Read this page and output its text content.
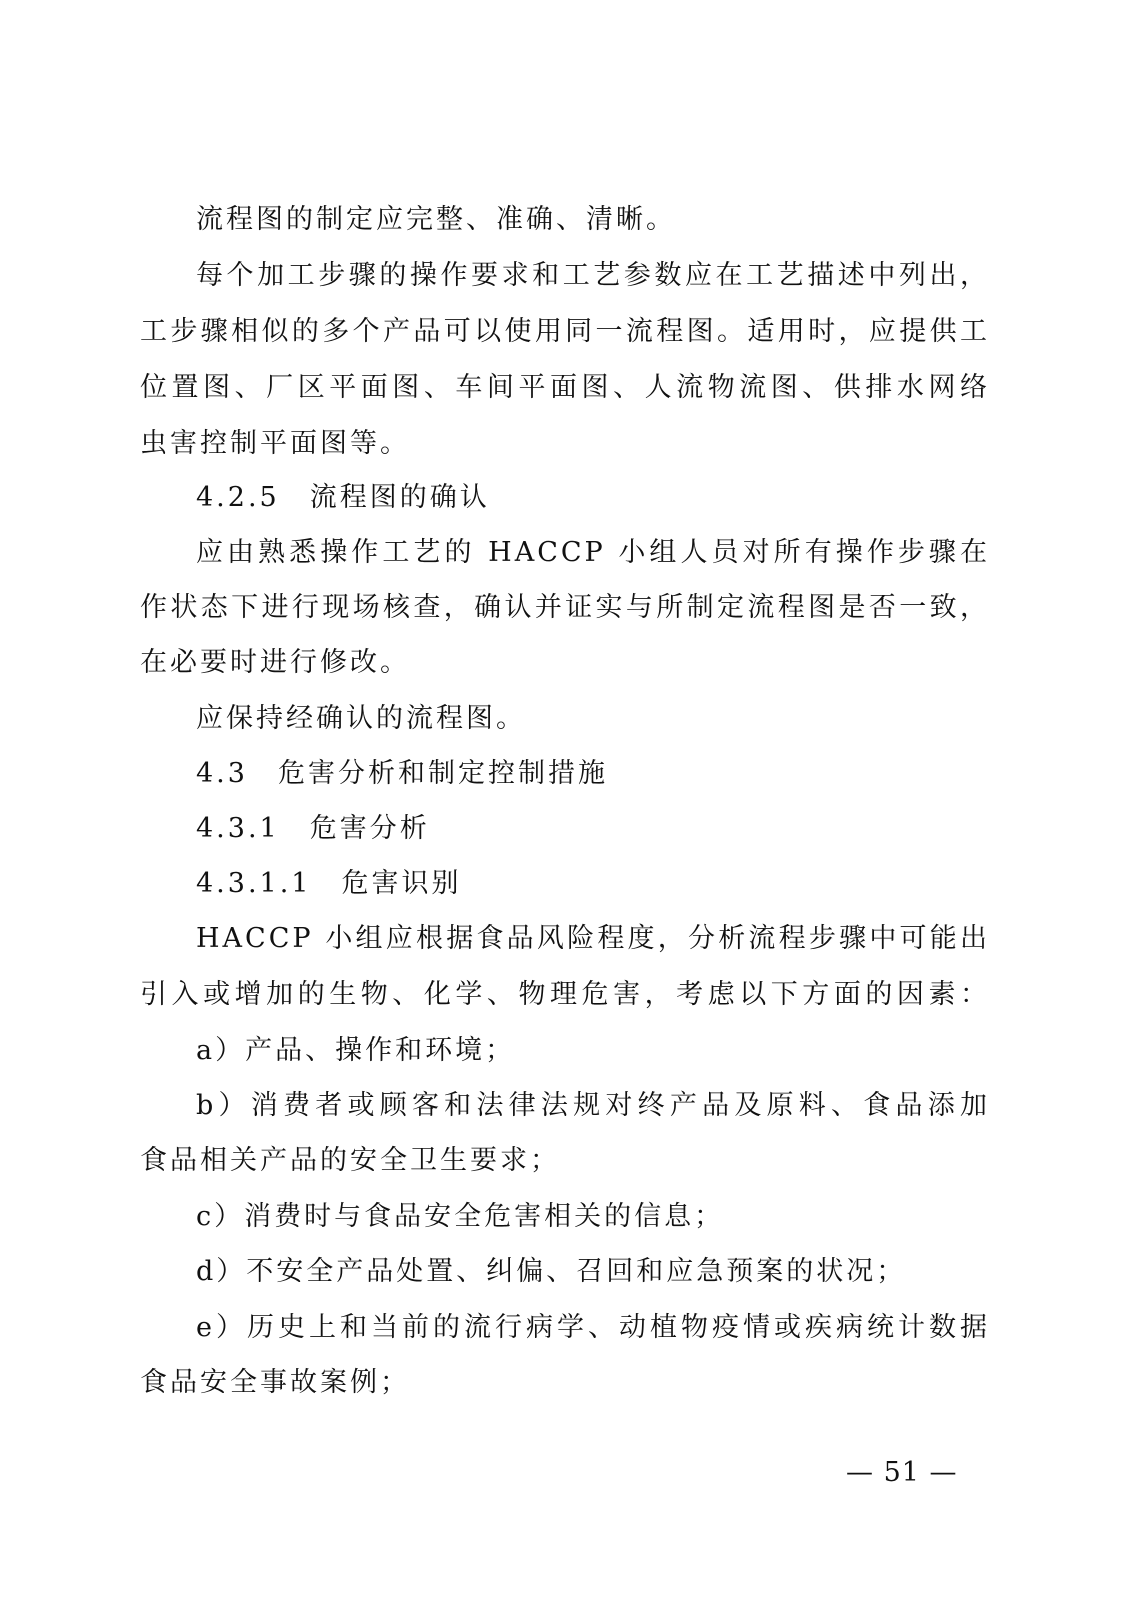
流程图的制定应完整、准确、清晰。
每个加工步骤的操作要求和工艺参数应在工艺描述中列出，
工步骤相似的多个产品可以使用同一流程图。适用时，应提供工
位置图、厂区平面图、车间平面图、人流物流图、供排水网络
虫害控制平面图等。
4.2.5　流程图的确认
应由熟悉操作工艺的 HACCP 小组人员对所有操作步骤在
作状态下进行现场核查，确认并证实与所制定流程图是否一致，
在必要时进行修改。
应保持经确认的流程图。
4.3　危害分析和制定控制措施
4.3.1　危害分析
4.3.1.1　危害识别
HACCP 小组应根据食品风险程度，分析流程步骤中可能出
引入或增加的生物、化学、物理危害，考虑以下方面的因素：
a）产品、操作和环境；
b）消费者或顾客和法律法规对终产品及原料、食品添加
食品相关产品的安全卫生要求；
c）消费时与食品安全危害相关的信息；
d）不安全产品处置、纠偏、召回和应急预案的状况；
e）历史上和当前的流行病学、动植物疫情或疾病统计数据
食品安全事故案例；
— 51 —
